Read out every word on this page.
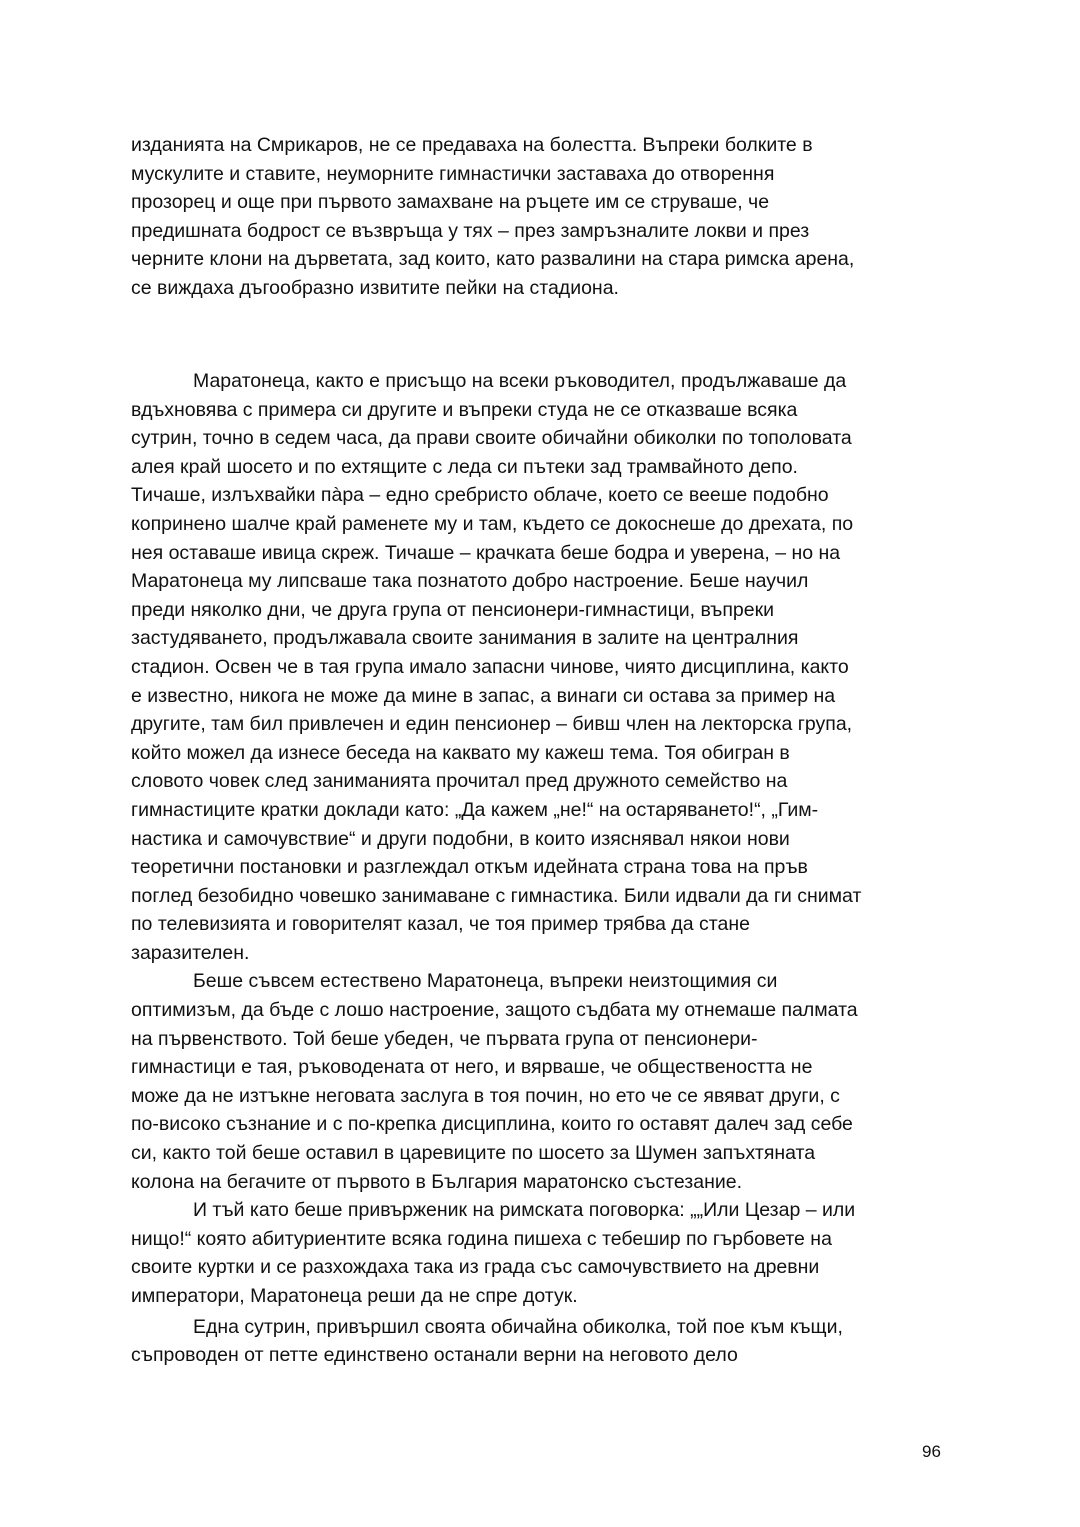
изданията на Смрикаров, не се предаваха на болестта. Въпреки болките в
мускулите и ставите, неуморните гимнастички заставаха до отворення
прозорец и още при първото замахване на ръцете им се струваше, че
предишната бодрост се възвръща у тях – през замръзналите локви и през
черните клони на дърветата, зад които, като развалини на стара римска арена,
се виждаха дъгообразно извитите пейки на стадиона.
Маратонеца, както е присъщо на всеки ръководител, продължаваше да
вдъхновява с примера си другите и въпреки студа не се отказваше всяка
сутрин, точно в седем часа, да прави своите обичайни обиколки по тополовата
алея край шосето и по ехтящите с леда си пътеки зад трамвайното депо.
Тичаше, излъхвайки пàра – едно сребристо облаче, което се вееше подобно
копринено шалче край раменете му и там, където се докоснеше до дрехата, по
нея оставаше ивица скреж. Тичаше – крачката беше бодра и уверена, – но на
Маратонеца му липсваше така познатото добро настроение. Беше научил
преди няколко дни, че друга група от пенсионери-гимнастици, въпреки
застудяването, продължавала своите занимания в залите на централния
стадион. Освен че в тая група имало запасни чинове, чиято дисциплина, както
е известно, никога не може да мине в запас, а винаги си остава за пример на
другите, там бил привлечен и един пенсионер – бивш член на лекторска група,
който можел да изнесе беседа на каквато му кажеш тема. Тоя обигран в
словото човек след заниманията прочитал пред дружното семейство на
гимнастиците кратки доклади като: „Да кажем „не!“ на остаряването!“, „Гим-
настика и самочувствие“ и други подобни, в които изяснявал някои нови
теоретични постановки и разглеждал откъм идейната страна това на пръв
поглед безобидно човешко занимаване с гимнастика. Били идвали да ги снимат
по телевизията и говорителят казал, че тоя пример трябва да стане
заразителен.
Беше съвсем естествено Маратонеца, въпреки неизтощимия си
оптимизъм, да бъде с лошо настроение, защото съдбата му отнемаше палмата
на първенството. Той беше убеден, че първата група от пенсионери-
гимнастици е тая, ръководената от него, и вярваше, че обществеността не
може да не изтъкне неговата заслуга в тоя почин, но ето че се явяват други, с
по-високо съзнание и с по-крепка дисциплина, които го оставят далеч зад себе
си, както той беше оставил в царевиците по шосето за Шумен запъхтяната
колона на бегачите от първото в България маратонско състезание.
И тъй като беше привърженик на римската поговорка: „„Или Цезар – или
нищо!“ която абитуриентите всяка година пишеха с тебешир по гърбовете на
своите куртки и се разхождаха така из града със самочувствието на древни
императори, Маратонеца реши да не спре дотук.
Една сутрин, привършил своята обичайна обиколка, той пое към къщи,
съпроводен от петте единствено останали верни на неговото дело
96
